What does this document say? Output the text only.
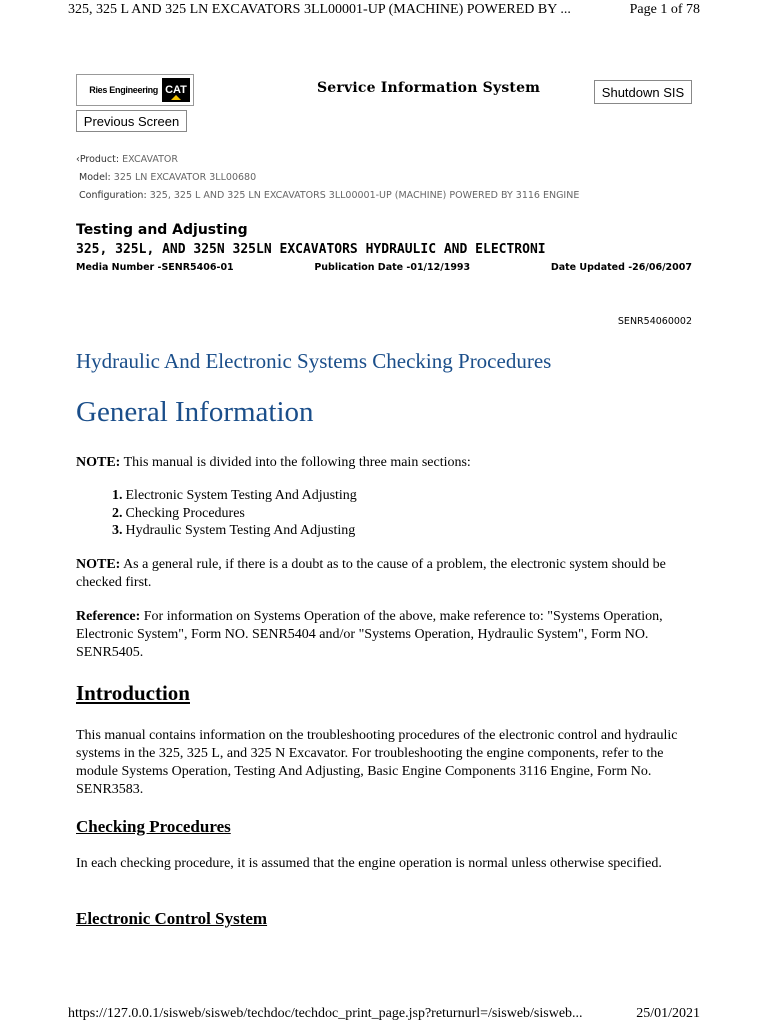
325, 325 L AND 325 LN EXCAVATORS 3LL00001-UP (MACHINE) POWERED BY ...	Page 1 of 78
Ries Engineering CAT	Service Information System	Shutdown SIS
Previous Screen
‹Product: EXCAVATOR
Model: 325 LN EXCAVATOR 3LL00680
Configuration: 325, 325 L AND 325 LN EXCAVATORS 3LL00001-UP (MACHINE) POWERED BY 3116 ENGINE
Testing and Adjusting
325, 325L, AND 325N 325LN EXCAVATORS HYDRAULIC AND ELECTRONI
Media Number -SENR5406-01	Publication Date -01/12/1993	Date Updated -26/06/2007
SENR54060002
Hydraulic And Electronic Systems Checking Procedures
General Information
NOTE: This manual is divided into the following three main sections:
1. Electronic System Testing And Adjusting
2. Checking Procedures
3. Hydraulic System Testing And Adjusting
NOTE: As a general rule, if there is a doubt as to the cause of a problem, the electronic system should be checked first.
Reference: For information on Systems Operation of the above, make reference to: "Systems Operation, Electronic System", Form NO. SENR5404 and/or "Systems Operation, Hydraulic System", Form NO. SENR5405.
Introduction
This manual contains information on the troubleshooting procedures of the electronic control and hydraulic systems in the 325, 325 L, and 325 N Excavator. For troubleshooting the engine components, refer to the module Systems Operation, Testing And Adjusting, Basic Engine Components 3116 Engine, Form No. SENR3583.
Checking Procedures
In each checking procedure, it is assumed that the engine operation is normal unless otherwise specified.
Electronic Control System
https://127.0.0.1/sisweb/sisweb/techdoc/techdoc_print_page.jsp?returnurl=/sisweb/sisweb...	25/01/2021
